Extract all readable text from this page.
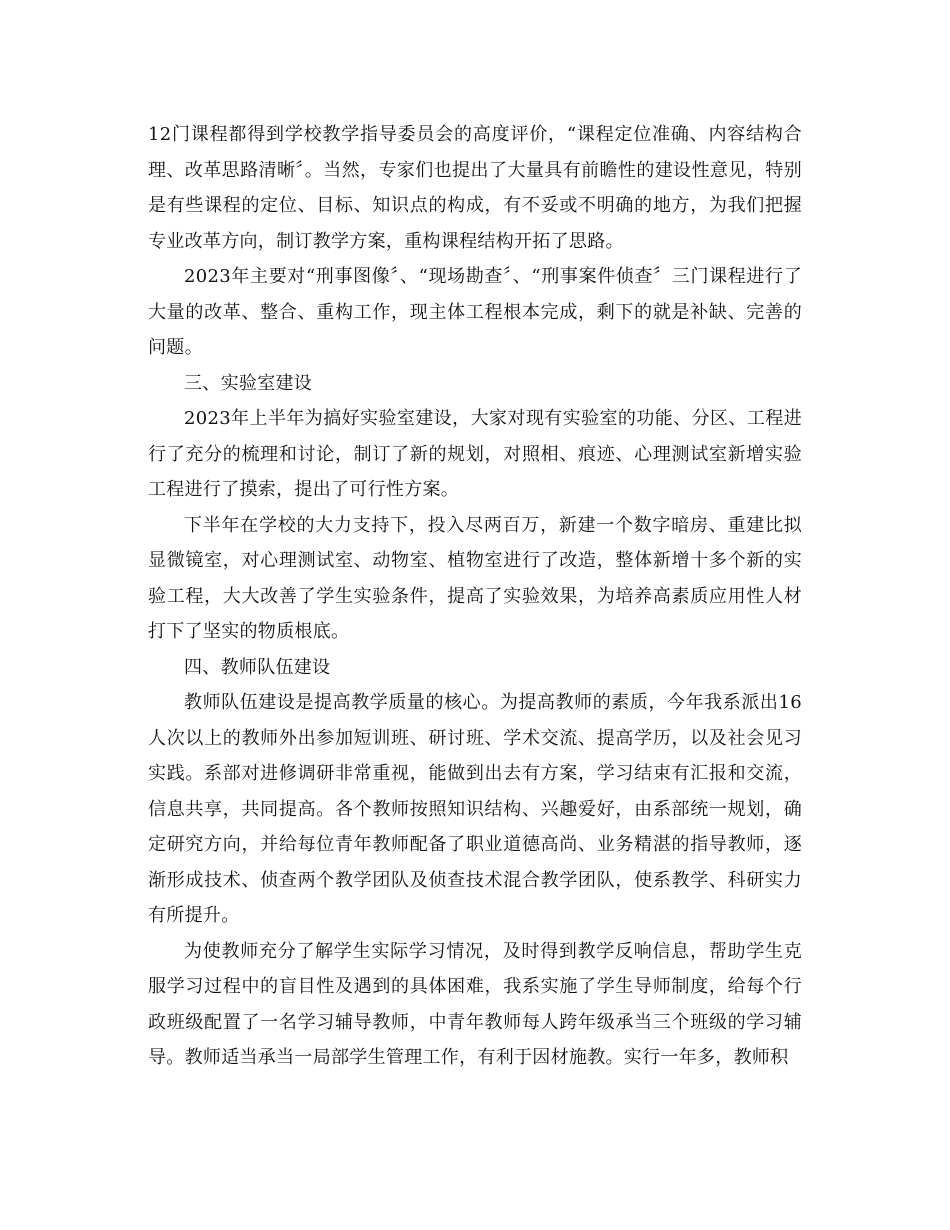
12门课程都得到学校教学指导委员会的高度评价，“课程定位准确、内容结构合理、改革思路清晰〞。当然，专家们也提出了大量具有前瞻性的建设性意见，特别是有些课程的定位、目标、知识点的构成，有不妥或不明确的地方，为我们把握专业改革方向，制订教学方案，重构课程结构开拓了思路。

2023年主要对“刑事图像〞、“现场勘查〞、“刑事案件侦查〞三门课程进行了大量的改革、整合、重构工作，现主体工程根本完成，剩下的就是补缺、完善的问题。

三、实验室建设

2023年上半年为搞好实验室建设，大家对现有实验室的功能、分区、工程进行了充分的梳理和讨论，制订了新的规划，对照相、痕迹、心理测试室新增实验工程进行了摸索，提出了可行性方案。

下半年在学校的大力支持下，投入尽两百万，新建一个数字暗房、重建比拟显微镜室，对心理测试室、动物室、植物室进行了改造，整体新增十多个新的实验工程，大大改善了学生实验条件，提高了实验效果，为培养高素质应用性人材打下了坚实的物质根底。

四、教师队伍建设

教师队伍建设是提高教学质量的核心。为提高教师的素质，今年我系派出16人次以上的教师外出参加短训班、研讨班、学术交流、提高学历，以及社会见习实践。系部对进修调研非常重视，能做到出去有方案，学习结束有汇报和交流，信息共享，共同提高。各个教师按照知识结构、兴趣爱好，由系部统一规划，确定研究方向，并给每位青年教师配备了职业道德高尚、业务精湛的指导教师，逐渐形成技术、侦查两个教学团队及侦查技术混合教学团队，使系教学、科研实力有所提升。

为使教师充分了解学生实际学习情况，及时得到教学反响信息，帮助学生克服学习过程中的盲目性及遇到的具体困难，我系实施了学生导师制度，给每个行政班级配置了一名学习辅导教师，中青年教师每人跨年级承当三个班级的学习辅导。教师适当承当一局部学生管理工作，有利于因材施教。实行一年多，教师积
